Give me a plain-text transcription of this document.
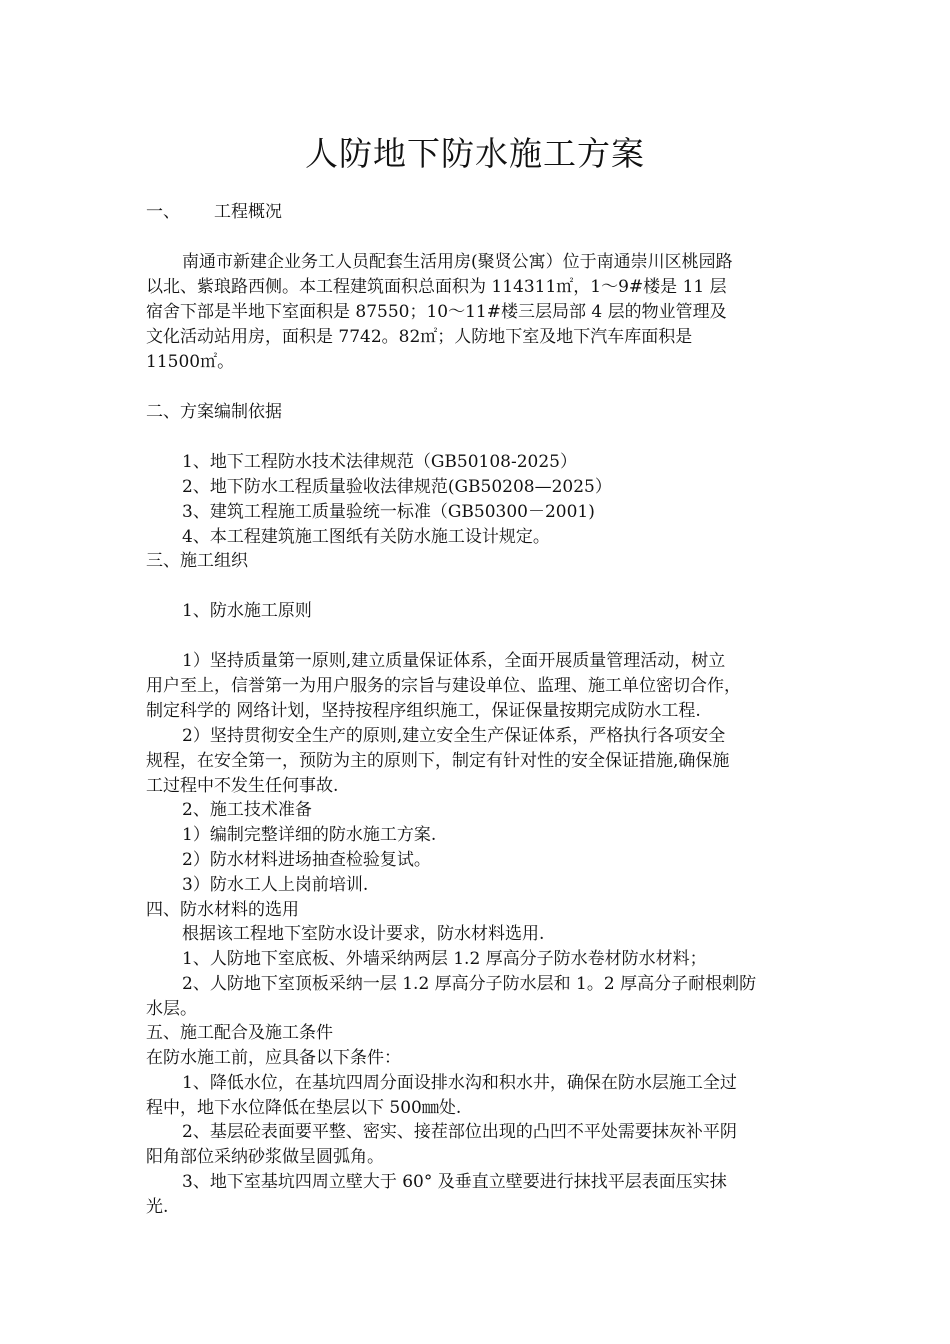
人防地下防水施工方案
一、 工程概况
南通市新建企业务工人员配套生活用房(聚贤公寓）位于南通崇川区桃园路
以北、紫琅路西侧。本工程建筑面积总面积为 114311㎡，1～9#楼是 11 层
宿舍下部是半地下室面积是 87550；10～11#楼三层局部 4 层的物业管理及
文化活动站用房，面积是 7742。82㎡；人防地下室及地下汽车库面积是
11500㎡。
二、方案编制依据
1、地下工程防水技术法律规范（GB50108-2025）
2、地下防水工程质量验收法律规范(GB50208—2025）
3、建筑工程施工质量验统一标准（GB50300－2001)
4、本工程建筑施工图纸有关防水施工设计规定。
三、施工组织
1、防水施工原则
1）坚持质量第一原则,建立质量保证体系，全面开展质量管理活动，树立
用户至上，信誉第一为用户服务的宗旨与建设单位、监理、施工单位密切合作，
制定科学的 网络计划，坚持按程序组织施工，保证保量按期完成防水工程.
2）坚持贯彻安全生产的原则,建立安全生产保证体系，严格执行各项安全
规程，在安全第一，预防为主的原则下，制定有针对性的安全保证措施,确保施
工过程中不发生任何事故.
2、施工技术准备
1）编制完整详细的防水施工方案.
2）防水材料进场抽查检验复试。
3）防水工人上岗前培训.
四、防水材料的选用
根据该工程地下室防水设计要求，防水材料选用.
1、人防地下室底板、外墙采纳两层 1.2 厚高分子防水卷材防水材料；
2、人防地下室顶板采纳一层 1.2 厚高分子防水层和 1。2 厚高分子耐根刺防
水层。
五、施工配合及施工条件
在防水施工前，应具备以下条件：
1、降低水位，在基坑四周分面设排水沟和积水井，确保在防水层施工全过
程中，地下水位降低在垫层以下 500㎜处.
2、基层砼表面要平整、密实、接茬部位出现的凸凹不平处需要抹灰补平阴
阳角部位采纳砂浆做呈圆弧角。
3、地下室基坑四周立壁大于 60° 及垂直立壁要进行抹找平层表面压实抹
光.
